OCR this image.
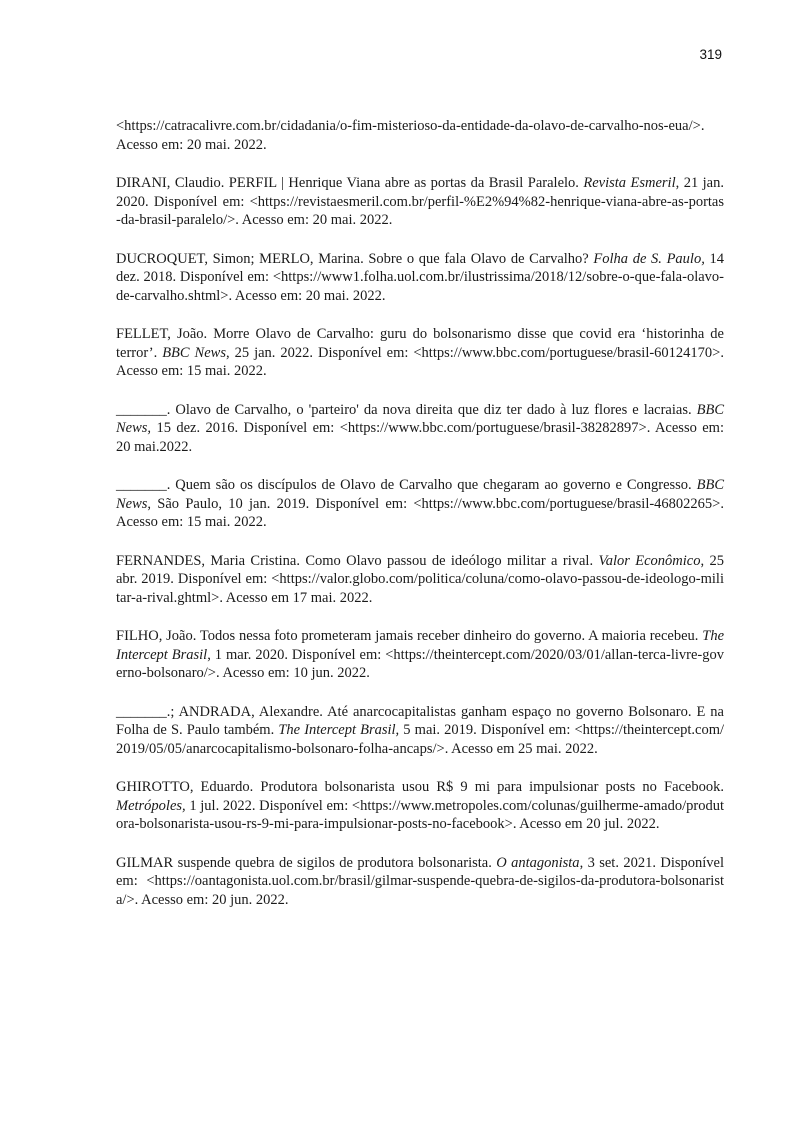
319

<https://catracalivre.com.br/cidadania/o-fim-misterioso-da-entidade-da-olavo-de-carvalho-nos-eua/>. Acesso em: 20 mai. 2022.

DIRANI, Claudio. PERFIL | Henrique Viana abre as portas da Brasil Paralelo. Revista Esmeril, 21 jan. 2020. Disponível em: <https://revistaesmeril.com.br/perfil-%E2%94%82-henrique-viana-abre-as-portas-da-brasil-paralelo/>. Acesso em: 20 mai. 2022.

DUCROQUET, Simon; MERLO, Marina. Sobre o que fala Olavo de Carvalho? Folha de S. Paulo, 14 dez. 2018. Disponível em: <https://www1.folha.uol.com.br/ilustrissima/2018/12/sobre-o-que-fala-olavo-de-carvalho.shtml>. Acesso em: 20 mai. 2022.

FELLET, João. Morre Olavo de Carvalho: guru do bolsonarismo disse que covid era ‘historinha de terror’. BBC News, 25 jan. 2022. Disponível em: <https://www.bbc.com/portuguese/brasil-60124170>. Acesso em: 15 mai. 2022.

_______. Olavo de Carvalho, o 'parteiro' da nova direita que diz ter dado à luz flores e lacraias. BBC News, 15 dez. 2016. Disponível em: <https://www.bbc.com/portuguese/brasil-38282897>. Acesso em: 20 mai.2022.

_______. Quem são os discípulos de Olavo de Carvalho que chegaram ao governo e Congresso. BBC News, São Paulo, 10 jan. 2019. Disponível em: <https://www.bbc.com/portuguese/brasil-46802265>. Acesso em: 15 mai. 2022.

FERNANDES, Maria Cristina. Como Olavo passou de ideólogo militar a rival. Valor Econômico, 25 abr. 2019. Disponível em: <https://valor.globo.com/politica/coluna/como-olavo-passou-de-ideologo-militar-a-rival.ghtml>. Acesso em 17 mai. 2022.

FILHO, João. Todos nessa foto prometeram jamais receber dinheiro do governo. A maioria recebeu. The Intercept Brasil, 1 mar. 2020. Disponível em: <https://theintercept.com/2020/03/01/allan-terca-livre-governo-bolsonaro/>. Acesso em: 10 jun. 2022.

_______.; ANDRADA, Alexandre. Até anarcocapitalistas ganham espaço no governo Bolsonaro. E na Folha de S. Paulo também. The Intercept Brasil, 5 mai. 2019. Disponível em: <https://theintercept.com/2019/05/05/anarcocapitalismo-bolsonaro-folha-ancaps/>. Acesso em 25 mai. 2022.

GHIROTTO, Eduardo. Produtora bolsonarista usou R$ 9 mi para impulsionar posts no Facebook. Metrópoles, 1 jul. 2022. Disponível em: <https://www.metropoles.com/colunas/guilherme-amado/produtora-bolsonarista-usou-rs-9-mi-para-impulsionar-posts-no-facebook>. Acesso em 20 jul. 2022.

GILMAR suspende quebra de sigilos de produtora bolsonarista. O antagonista, 3 set. 2021. Disponível em: <https://oantagonista.uol.com.br/brasil/gilmar-suspende-quebra-de-sigilos-da-produtora-bolsonarista/>. Acesso em: 20 jun. 2022.
